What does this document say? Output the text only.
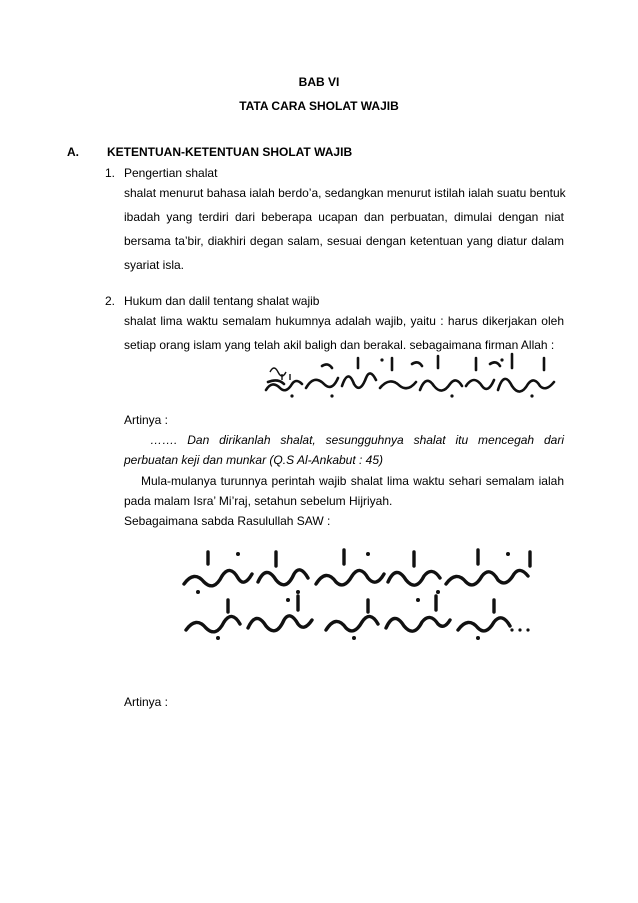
BAB VI
TATA CARA SHOLAT WAJIB
A. KETENTUAN-KETENTUAN SHOLAT WAJIB
1. Pengertian shalat
shalat menurut bahasa ialah berdo’a, sedangkan menurut istilah ialah suatu bentuk
ibadah yang terdiri dari beberapa ucapan dan perbuatan, dimulai dengan niat
bersama ta’bir, diakhiri degan salam, sesuai dengan ketentuan yang diatur dalam
syariat isla.
2. Hukum dan dalil tentang shalat wajib
shalat lima waktu semalam hukumnya adalah wajib, yaitu : harus dikerjakan oleh
setiap orang islam yang telah akil baligh dan berakal. sebagaimana firman Allah :
Artinya :
……. Dan dirikanlah shalat, sesungguhnya shalat itu mencegah dari
perbuatan keji dan munkar (Q.S Al-Ankabut : 45)
Mula-mulanya turunnya perintah wajib shalat lima waktu sehari semalam ialah
pada malam Isra’ Mi’raj, setahun sebelum Hijriyah.
Sebagaimana sabda Rasulullah SAW :
Artinya :
